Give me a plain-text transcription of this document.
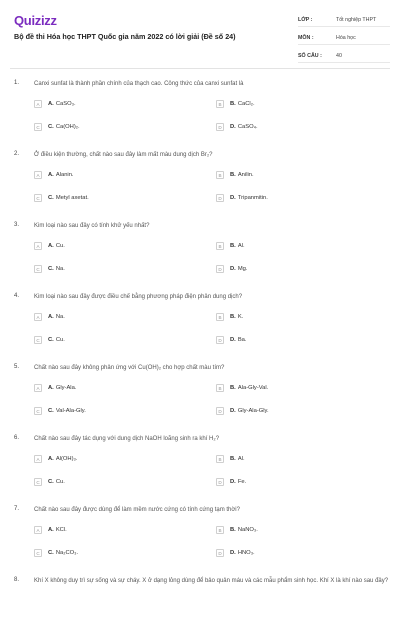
Quizizz
Bộ đề thi Hóa học THPT Quốc gia năm 2022 có lời giải (Đề số 24)
LỚP :	Tốt nghiệp THPT
MÔN :	Hóa học
SỐ CÂU :	40
1. Canxi sunfat là thành phần chính của thạch cao. Công thức của canxi sunfat là
A	A. CaSO₃.	B	B. CaCl₂.
C	C. Ca(OH)₂.	D	D. CaSO₄.
2. Ở điều kiện thường, chất nào sau đây làm mất màu dung dịch Br₂?
A	A. Alanin.	B	B. Anilin.
C	C. Metyl axetat.	D	D. Tripanmitin.
3. Kim loại nào sau đây có tính khử yếu nhất?
A	A. Cu.	B	B. Al.
C	C. Na.	D	D. Mg.
4. Kim loại nào sau đây được điều chế bằng phương pháp điện phân dung dịch?
A	A. Na.	B	B. K.
C	C. Cu.	D	D. Ba.
5. Chất nào sau đây không phản ứng với Cu(OH)₂ cho hợp chất màu tím?
A	A. Gly-Ala.	B	B. Ala-Gly-Val.
C	C. Val-Ala-Gly.	D	D. Gly-Ala-Gly.
6. Chất nào sau đây tác dụng với dung dịch NaOH loãng sinh ra khí H₂?
A	A. Al(OH)₃.	B	B. Al.
C	C. Cu.	D	D. Fe.
7. Chất nào sau đây được dùng để làm mềm nước cứng có tính cứng tạm thời?
A	A. KCl.	B	B. NaNO₃.
C	C. Na₂CO₃.	D	D. HNO₃.
8. Khí X không duy trì sự sống và sự cháy. X ở dạng lỏng dùng để bảo quản máu và các mẫu phẩm sinh học. Khí X là khí nào sau đây?
